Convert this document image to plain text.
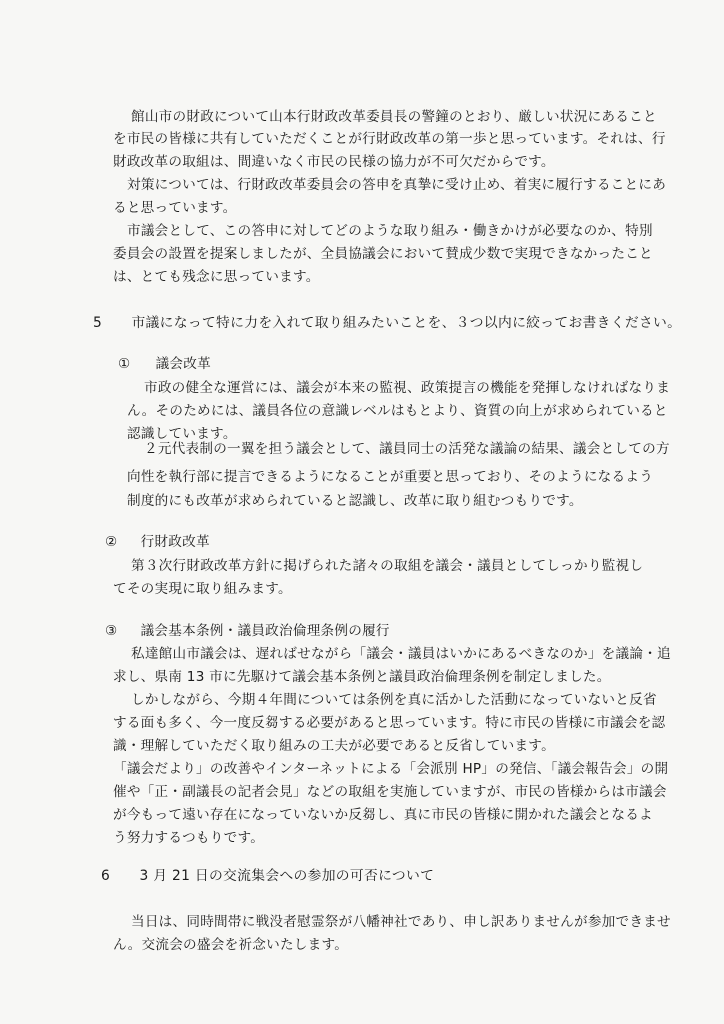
館山市の財政について山本行財政改革委員長の警鐘のとおり、厳しい状況にあること
を市民の皆様に共有していただくことが行財政改革の第一歩と思っています。それは、行
財政改革の取組は、間違いなく市民の民様の協力が不可欠だからです。
対策については、行財政改革委員会の答申を真摯に受け止め、着実に履行することにあ
ると思っています。
市議会として、この答申に対してどのような取り組み・働きかけが必要なのか、特別
委員会の設置を提案しましたが、全員協議会において賛成少数で実現できなかったこと
は、とても残念に思っています。
5 市議になって特に力を入れて取り組みたいことを、３つ以内に絞ってお書きください。
① 議会改革
市政の健全な運営には、議会が本来の監視、政策提言の機能を発揮しなければなりま
ん。そのためには、議員各位の意識レベルはもとより、資質の向上が求められていると
認識しています。
２元代表制の一翼を担う議会として、議員同士の活発な議論の結果、議会としての方
向性を執行部に提言できるようになることが重要と思っており、そのようになるよう
制度的にも改革が求められていると認識し、改革に取り組むつもりです。
② 行財政改革
第３次行財政改革方針に掲げられた諸々の取組を議会・議員としてしっかり監視し
てその実現に取り組みます。
③ 議会基本条例・議員政治倫理条例の履行
私達館山市議会は、遅ればせながら「議会・議員はいかにあるべきなのか」を議論・追
求し、県南 13 市に先駆けて議会基本条例と議員政治倫理条例を制定しました。
しかしながら、今期４年間については条例を真に活かした活動になっていないと反省
する面も多く、今一度反芻する必要があると思っています。特に市民の皆様に市議会を認
識・理解していただく取り組みの工夫が必要であると反省しています。
「議会だより」の改善やインターネットによる「会派別 HP」の発信、「議会報告会」の開
催や「正・副議長の記者会見」などの取組を実施していますが、市民の皆様からは市議会
が今もって遠い存在になっていないか反芻し、真に市民の皆様に開かれた議会となるよ
う努力するつもりです。
6 3 月 21 日の交流集会への参加の可否について
当日は、同時間帯に戦没者慰霊祭が八幡神社であり、申し訳ありませんが参加できませ
ん。交流会の盛会を祈念いたします。
